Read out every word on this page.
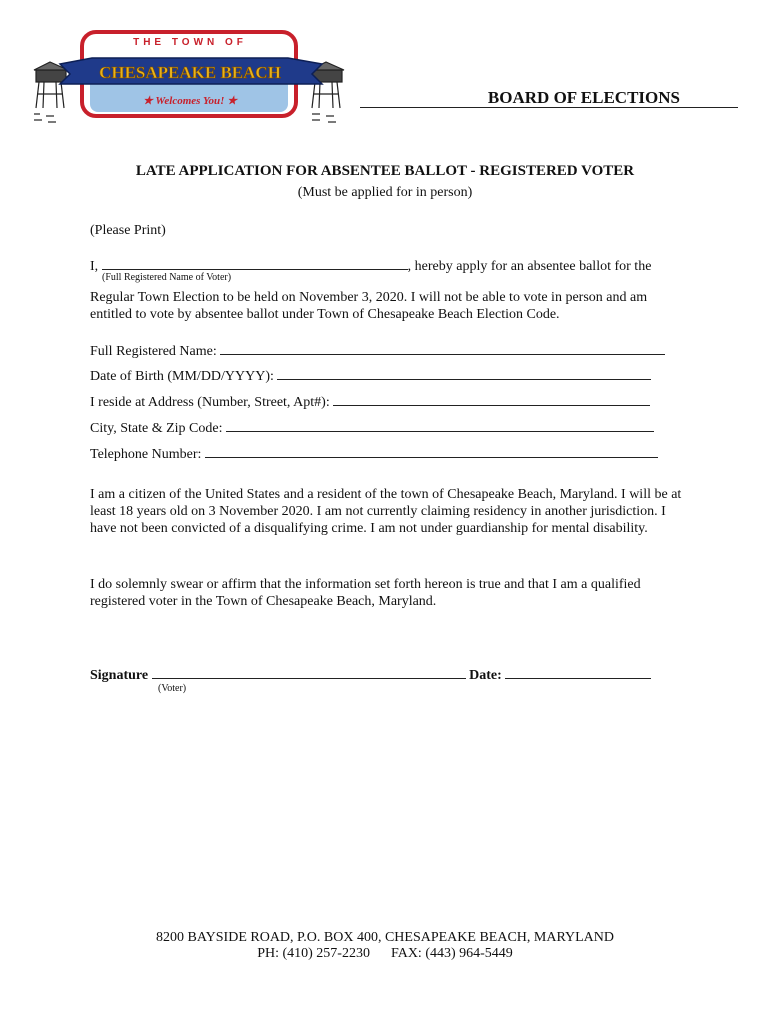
THE TOWN OF
CHESAPEAKE BEACH
★ Welcomes You! ★	BOARD OF ELECTIONS
LATE APPLICATION FOR ABSENTEE BALLOT - REGISTERED VOTER
(Must be applied for in person)
(Please Print)
I,	, hereby apply for an absentee ballot for the
(Full Registered Name of Voter)
Regular Town Election to be held on November 3, 2020. I will not be able to vote in person and am entitled to vote by absentee ballot under Town of Chesapeake Beach Election Code.
Full Registered Name:
Date of Birth (MM/DD/YYYY):
I reside at Address (Number, Street, Apt#):
City, State & Zip Code:
Telephone Number:
I am a citizen of the United States and a resident of the town of Chesapeake Beach, Maryland. I will be at least 18 years old on 3 November 2020. I am not currently claiming residency in another jurisdiction. I have not been convicted of a disqualifying crime. I am not under guardianship for mental disability.
I do solemnly swear or affirm that the information set forth hereon is true and that I am a qualified registered voter in the Town of Chesapeake Beach, Maryland.
Signature	Date:
(Voter)
8200 BAYSIDE ROAD, P.O. BOX 400, CHESAPEAKE BEACH, MARYLAND
PH: (410) 257-2230      FAX: (443) 964-5449
